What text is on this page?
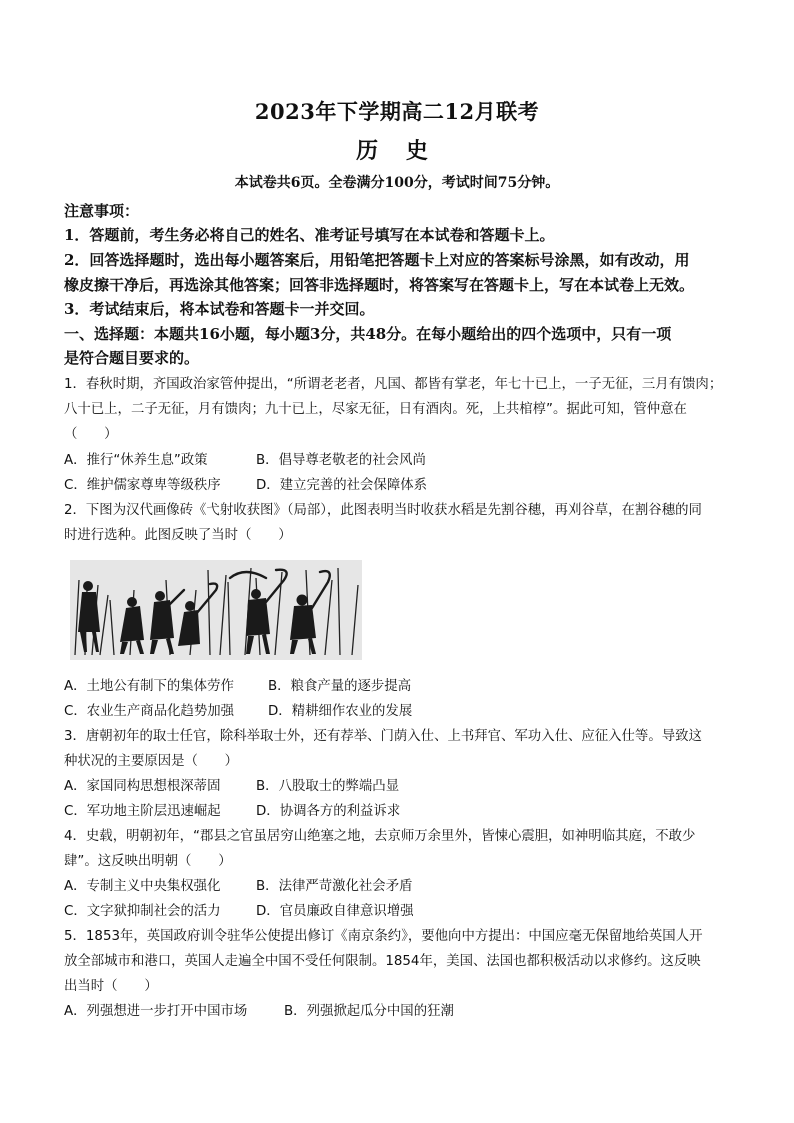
2023年下学期高二12月联考
历 史
本试卷共6页。全卷满分100分，考试时间75分钟。
注意事项：
1．答题前，考生务必将自己的姓名、准考证号填写在本试卷和答题卡上。
2．回答选择题时，选出每小题答案后，用铅笔把答题卡上对应的答案标号涂黑，如有改动，用
橡皮擦干净后，再选涂其他答案；回答非选择题时，将答案写在答题卡上，写在本试卷上无效。
3．考试结束后，将本试卷和答题卡一并交回。
一、选择题：本题共16小题，每小题3分，共48分。在每小题给出的四个选项中，只有一项
是符合题目要求的。
1．春秋时期，齐国政治家管仲提出，“所谓老老者，凡国、都皆有掌老，年七十已上，一子无征，三月有馈肉；
八十已上，二子无征，月有馈肉；九十已上，尽家无征，日有酒肉。死，上共棺椁”。据此可知，管仲意在
（　　）
A．推行“休养生息”政策	B．倡导尊老敬老的社会风尚
C．维护儒家尊卑等级秩序	D．建立完善的社会保障体系
2．下图为汉代画像砖《弋射收获图》（局部），此图表明当时收获水稻是先割谷穗，再刈谷草，在割谷穗的同
时进行选种。此图反映了当时（　　）
A．土地公有制下的集体劳作	B．粮食产量的逐步提高
C．农业生产商品化趋势加强	D．精耕细作农业的发展
3．唐朝初年的取士任官，除科举取士外，还有荐举、门荫入仕、上书拜官、军功入仕、应征入仕等。导致这
种状况的主要原因是（　　）
A．家国同构思想根深蒂固	B．八股取士的弊端凸显
C．军功地主阶层迅速崛起	D．协调各方的利益诉求
4．史载，明朝初年，“郡县之官虽居穷山绝塞之地，去京师万余里外，皆悚心震胆，如神明临其庭，不敢少
肆”。这反映出明朝（　　）
A．专制主义中央集权强化	B．法律严苛激化社会矛盾
C．文字狱抑制社会的活力	D．官员廉政自律意识增强
5．1853年，英国政府训令驻华公使提出修订《南京条约》，要他向中方提出：中国应毫无保留地给英国人开
放全部城市和港口，英国人走遍全中国不受任何限制。1854年，美国、法国也都积极活动以求修约。这反映
出当时（　　）
A．列强想进一步打开中国市场	B．列强掀起瓜分中国的狂潮
